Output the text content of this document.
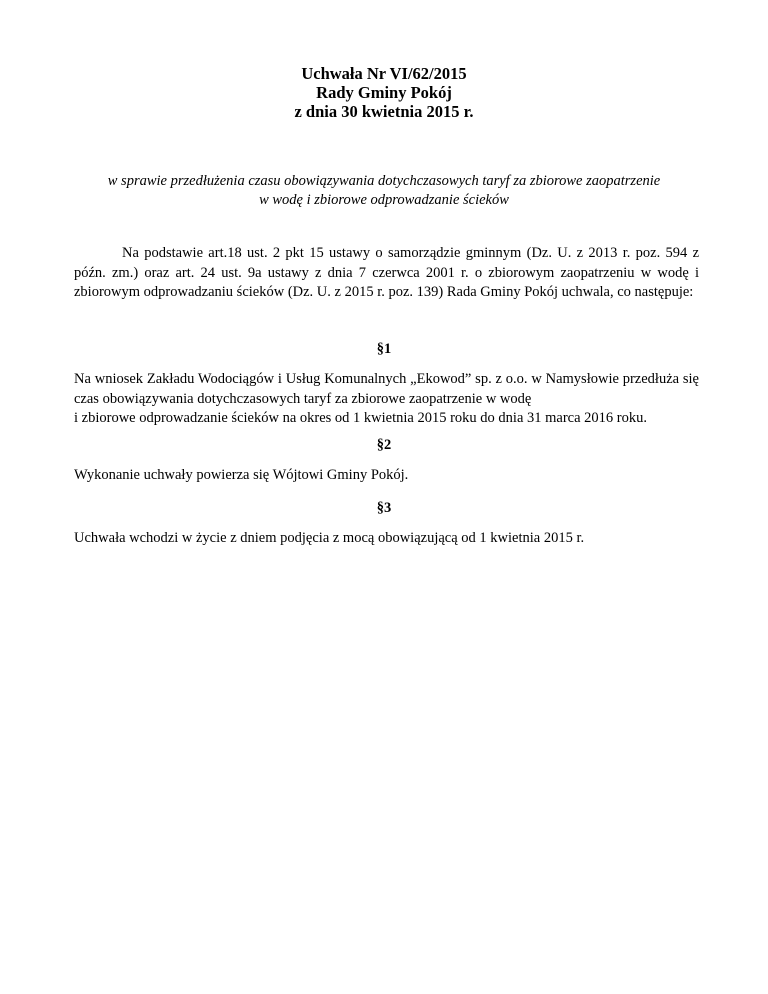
Uchwała Nr VI/62/2015
Rady Gminy Pokój
z dnia 30 kwietnia 2015 r.
w sprawie przedłużenia czasu obowiązywania dotychczasowych taryf za zbiorowe zaopatrzenie
w wodę i zbiorowe odprowadzanie ścieków
Na podstawie art.18 ust. 2 pkt 15 ustawy o samorządzie gminnym (Dz. U. z 2013 r. poz. 594 z późn. zm.) oraz art. 24 ust. 9a ustawy z dnia 7 czerwca 2001 r. o zbiorowym zaopatrzeniu w wodę i zbiorowym odprowadzaniu ścieków (Dz. U. z 2015 r. poz. 139) Rada Gminy Pokój uchwala, co następuje:
§1
Na wniosek Zakładu Wodociągów i Usług Komunalnych „Ekowod” sp. z o.o. w Namysłowie przedłuża się czas obowiązywania dotychczasowych taryf za zbiorowe zaopatrzenie w wodę
i zbiorowe odprowadzanie ścieków na okres od 1 kwietnia 2015 roku do dnia 31 marca 2016 roku.
§2
Wykonanie uchwały powierza się Wójtowi Gminy Pokój.
§3
Uchwała wchodzi w życie z dniem podjęcia z mocą obowiązującą od 1 kwietnia 2015 r.
